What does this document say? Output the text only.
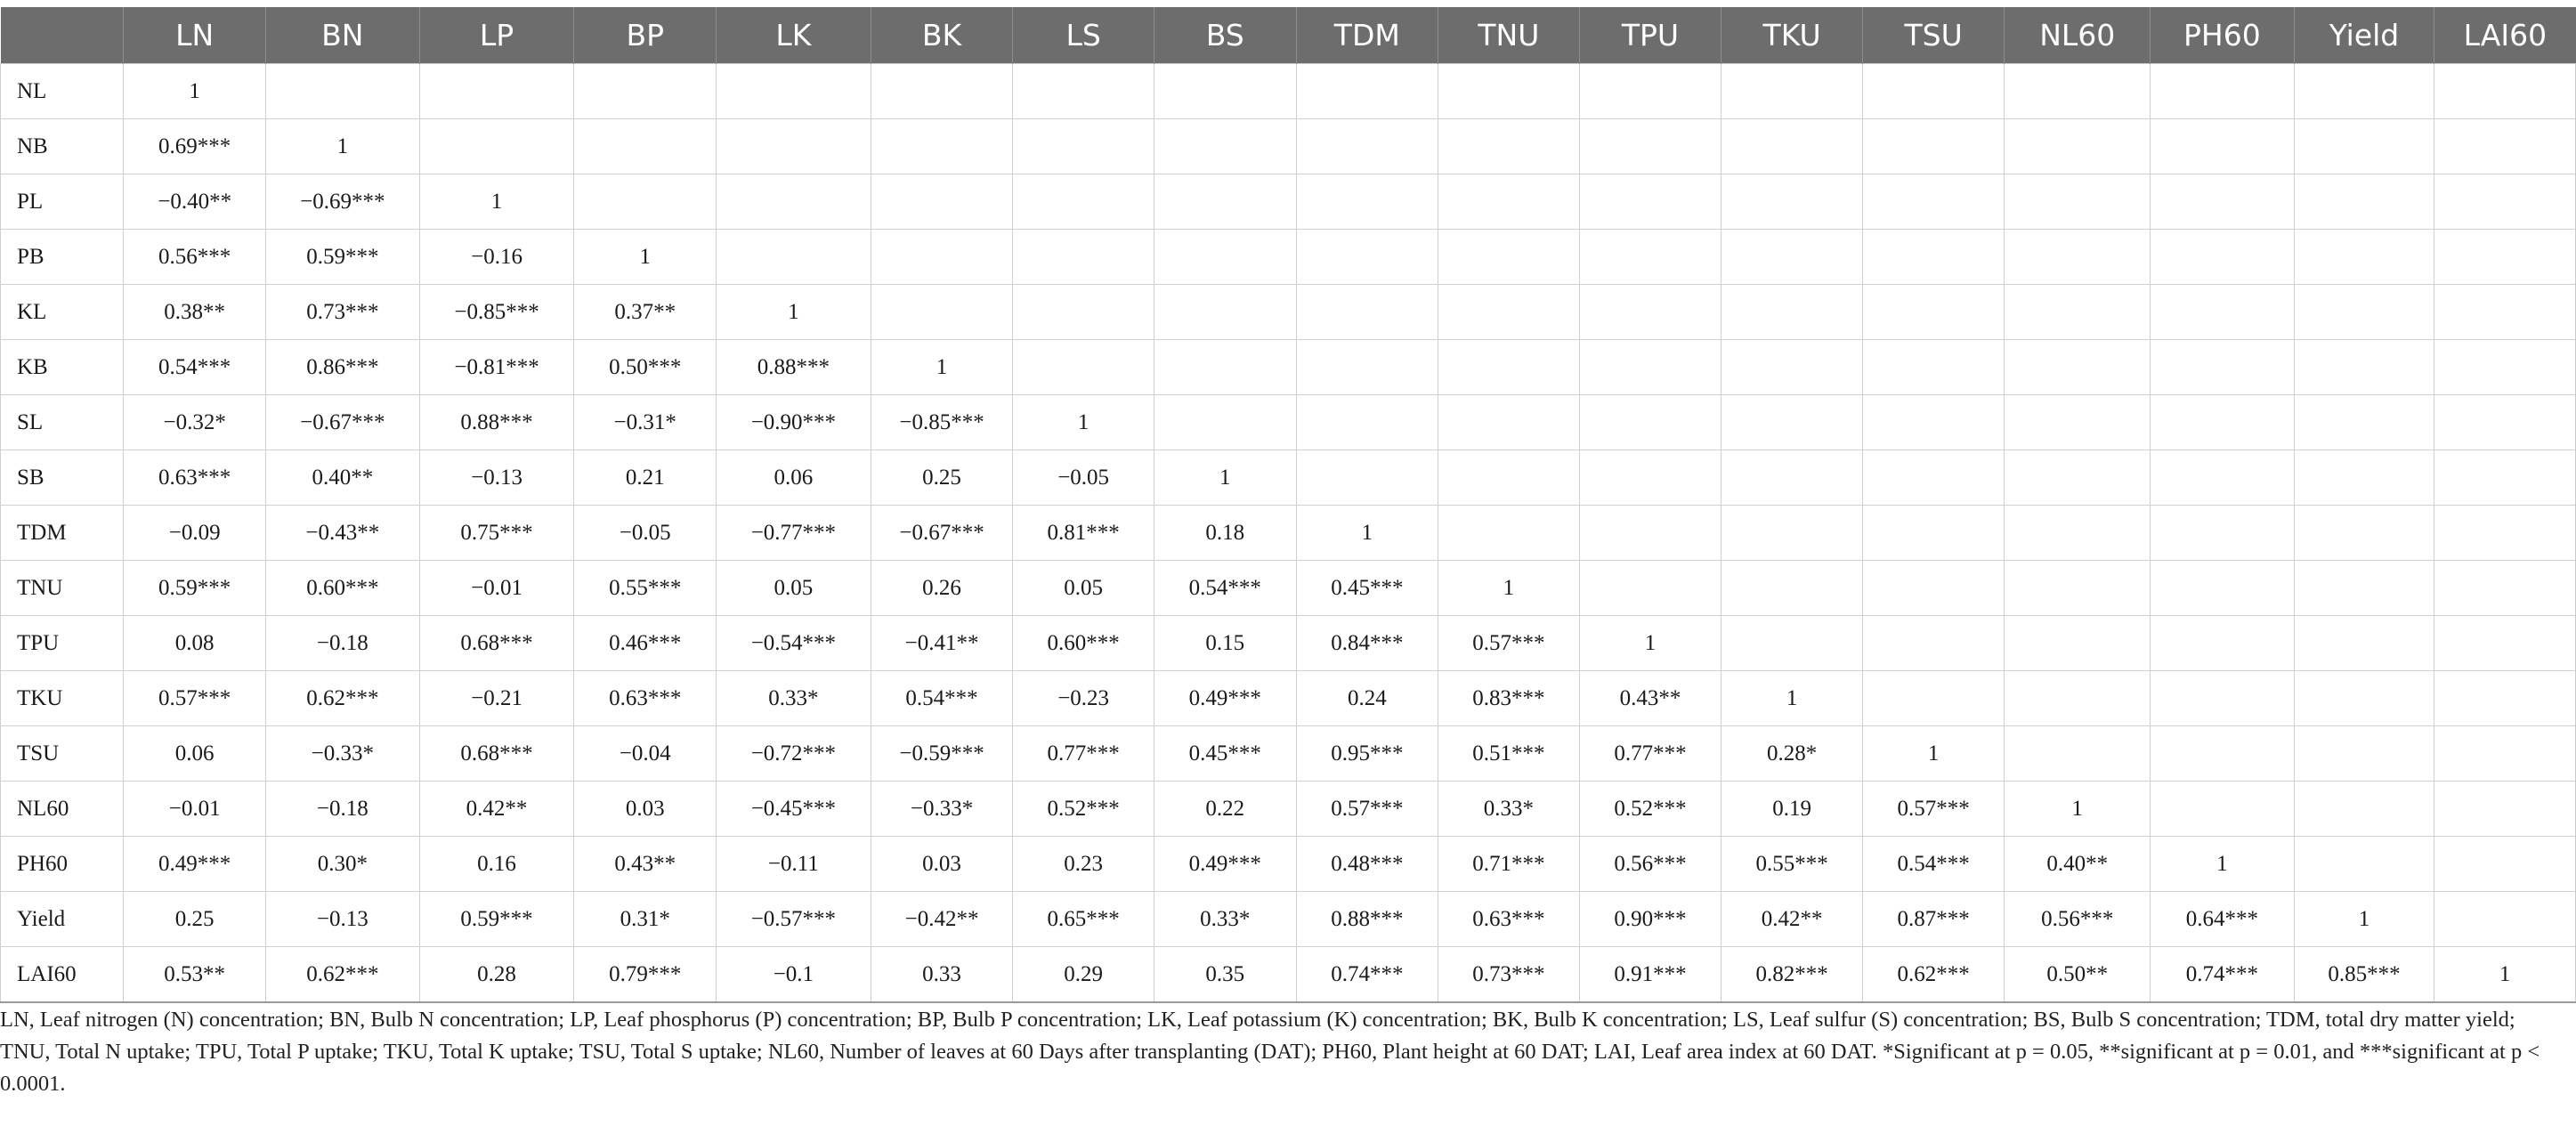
	LN	BN	LP	BP	LK	BK	LS	BS	TDM	TNU	TPU	TKU	TSU	NL60	PH60	Yield	LAI60
NL	1																
NB	0.69***	1															
PL	−0.40**	−0.69***	1														
PB	0.56***	0.59***	−0.16	1													
KL	0.38**	0.73***	−0.85***	0.37**	1												
KB	0.54***	0.86***	−0.81***	0.50***	0.88***	1											
SL	−0.32*	−0.67***	0.88***	−0.31*	−0.90***	−0.85***	1										
SB	0.63***	0.40**	−0.13	0.21	0.06	0.25	−0.05	1									
TDM	−0.09	−0.43**	0.75***	−0.05	−0.77***	−0.67***	0.81***	0.18	1								
TNU	0.59***	0.60***	−0.01	0.55***	0.05	0.26	0.05	0.54***	0.45***	1							
TPU	0.08	−0.18	0.68***	0.46***	−0.54***	−0.41**	0.60***	0.15	0.84***	0.57***	1						
TKU	0.57***	0.62***	−0.21	0.63***	0.33*	0.54***	−0.23	0.49***	0.24	0.83***	0.43**	1					
TSU	0.06	−0.33*	0.68***	−0.04	−0.72***	−0.59***	0.77***	0.45***	0.95***	0.51***	0.77***	0.28*	1				
NL60	−0.01	−0.18	0.42**	0.03	−0.45***	−0.33*	0.52***	0.22	0.57***	0.33*	0.52***	0.19	0.57***	1			
PH60	0.49***	0.30*	0.16	0.43**	−0.11	0.03	0.23	0.49***	0.48***	0.71***	0.56***	0.55***	0.54***	0.40**	1		
Yield	0.25	−0.13	0.59***	0.31*	−0.57***	−0.42**	0.65***	0.33*	0.88***	0.63***	0.90***	0.42**	0.87***	0.56***	0.64***	1	
LAI60	0.53**	0.62***	0.28	0.79***	−0.1	0.33	0.29	0.35	0.74***	0.73***	0.91***	0.82***	0.62***	0.50**	0.74***	0.85***	1

LN, Leaf nitrogen (N) concentration; BN, Bulb N concentration; LP, Leaf phosphorus (P) concentration; BP, Bulb P concentration; LK, Leaf potassium (K) concentration; BK, Bulb K concentration; LS, Leaf sulfur (S) concentration; BS, Bulb S concentration; TDM, total dry matter yield; TNU, Total N uptake; TPU, Total P uptake; TKU, Total K uptake; TSU, Total S uptake; NL60, Number of leaves at 60 Days after transplanting (DAT); PH60, Plant height at 60 DAT; LAI, Leaf area index at 60 DAT. *Significant at p = 0.05, **significant at p = 0.01, and ***significant at p < 0.0001.
